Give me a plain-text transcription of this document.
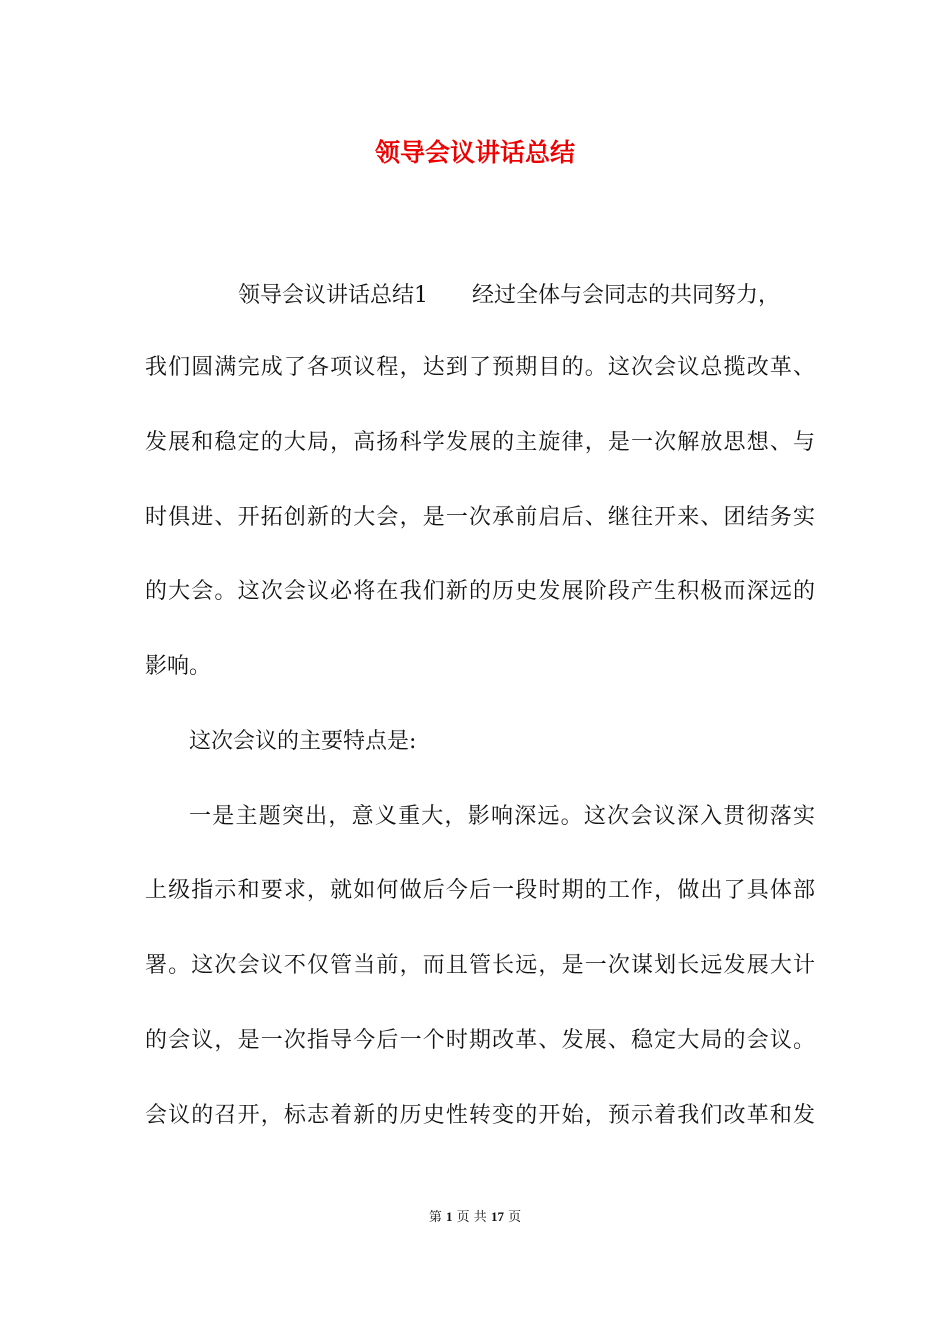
领导会议讲话总结

领导会议讲话总结1　　经过全体与会同志的共同努力，

我们圆满完成了各项议程，达到了预期目的。这次会议总揽改革、

发展和稳定的大局，高扬科学发展的主旋律，是一次解放思想、与

时俱进、开拓创新的大会，是一次承前启后、继往开来、团结务实

的大会。这次会议必将在我们新的历史发展阶段产生积极而深远的

影响。

这次会议的主要特点是:

一是主题突出，意义重大，影响深远。这次会议深入贯彻落实

上级指示和要求，就如何做后今后一段时期的工作，做出了具体部

署。这次会议不仅管当前，而且管长远，是一次谋划长远发展大计

的会议，是一次指导今后一个时期改革、发展、稳定大局的会议。

会议的召开，标志着新的历史性转变的开始，预示着我们改革和发

第 1 页 共 17 页
